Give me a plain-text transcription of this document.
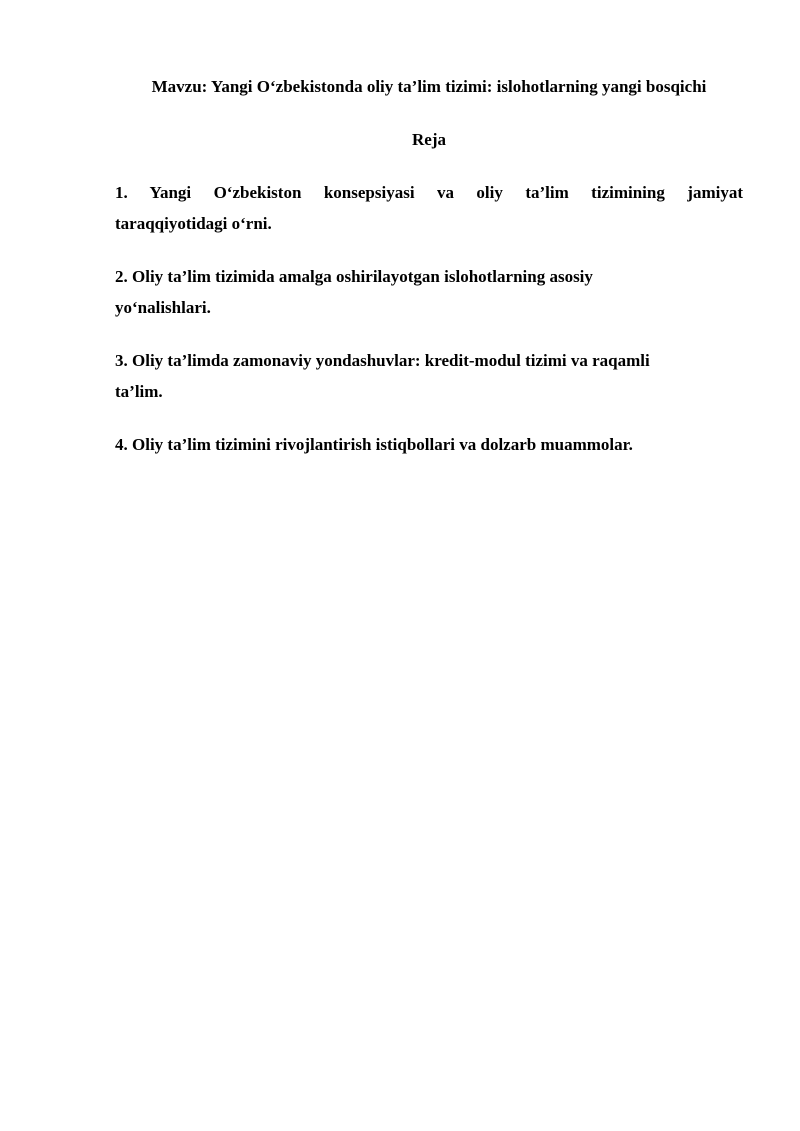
Mavzu: Yangi O‘zbekistonda oliy ta’lim tizimi: islohotlarning yangi bosqichi
Reja
1. Yangi O‘zbekiston konsepsiyasi va oliy ta’lim tizimining jamiyat
taraqqiyotidagi o‘rni.
2. Oliy ta’lim tizimida amalga oshirilayotgan islohotlarning asosiy
yo‘nalishlari.
3. Oliy ta’limda zamonaviy yondashuvlar: kredit-modul tizimi va raqamli
ta’lim.
4. Oliy ta’lim tizimini rivojlantirish istiqbollari va dolzarb muammolar.
